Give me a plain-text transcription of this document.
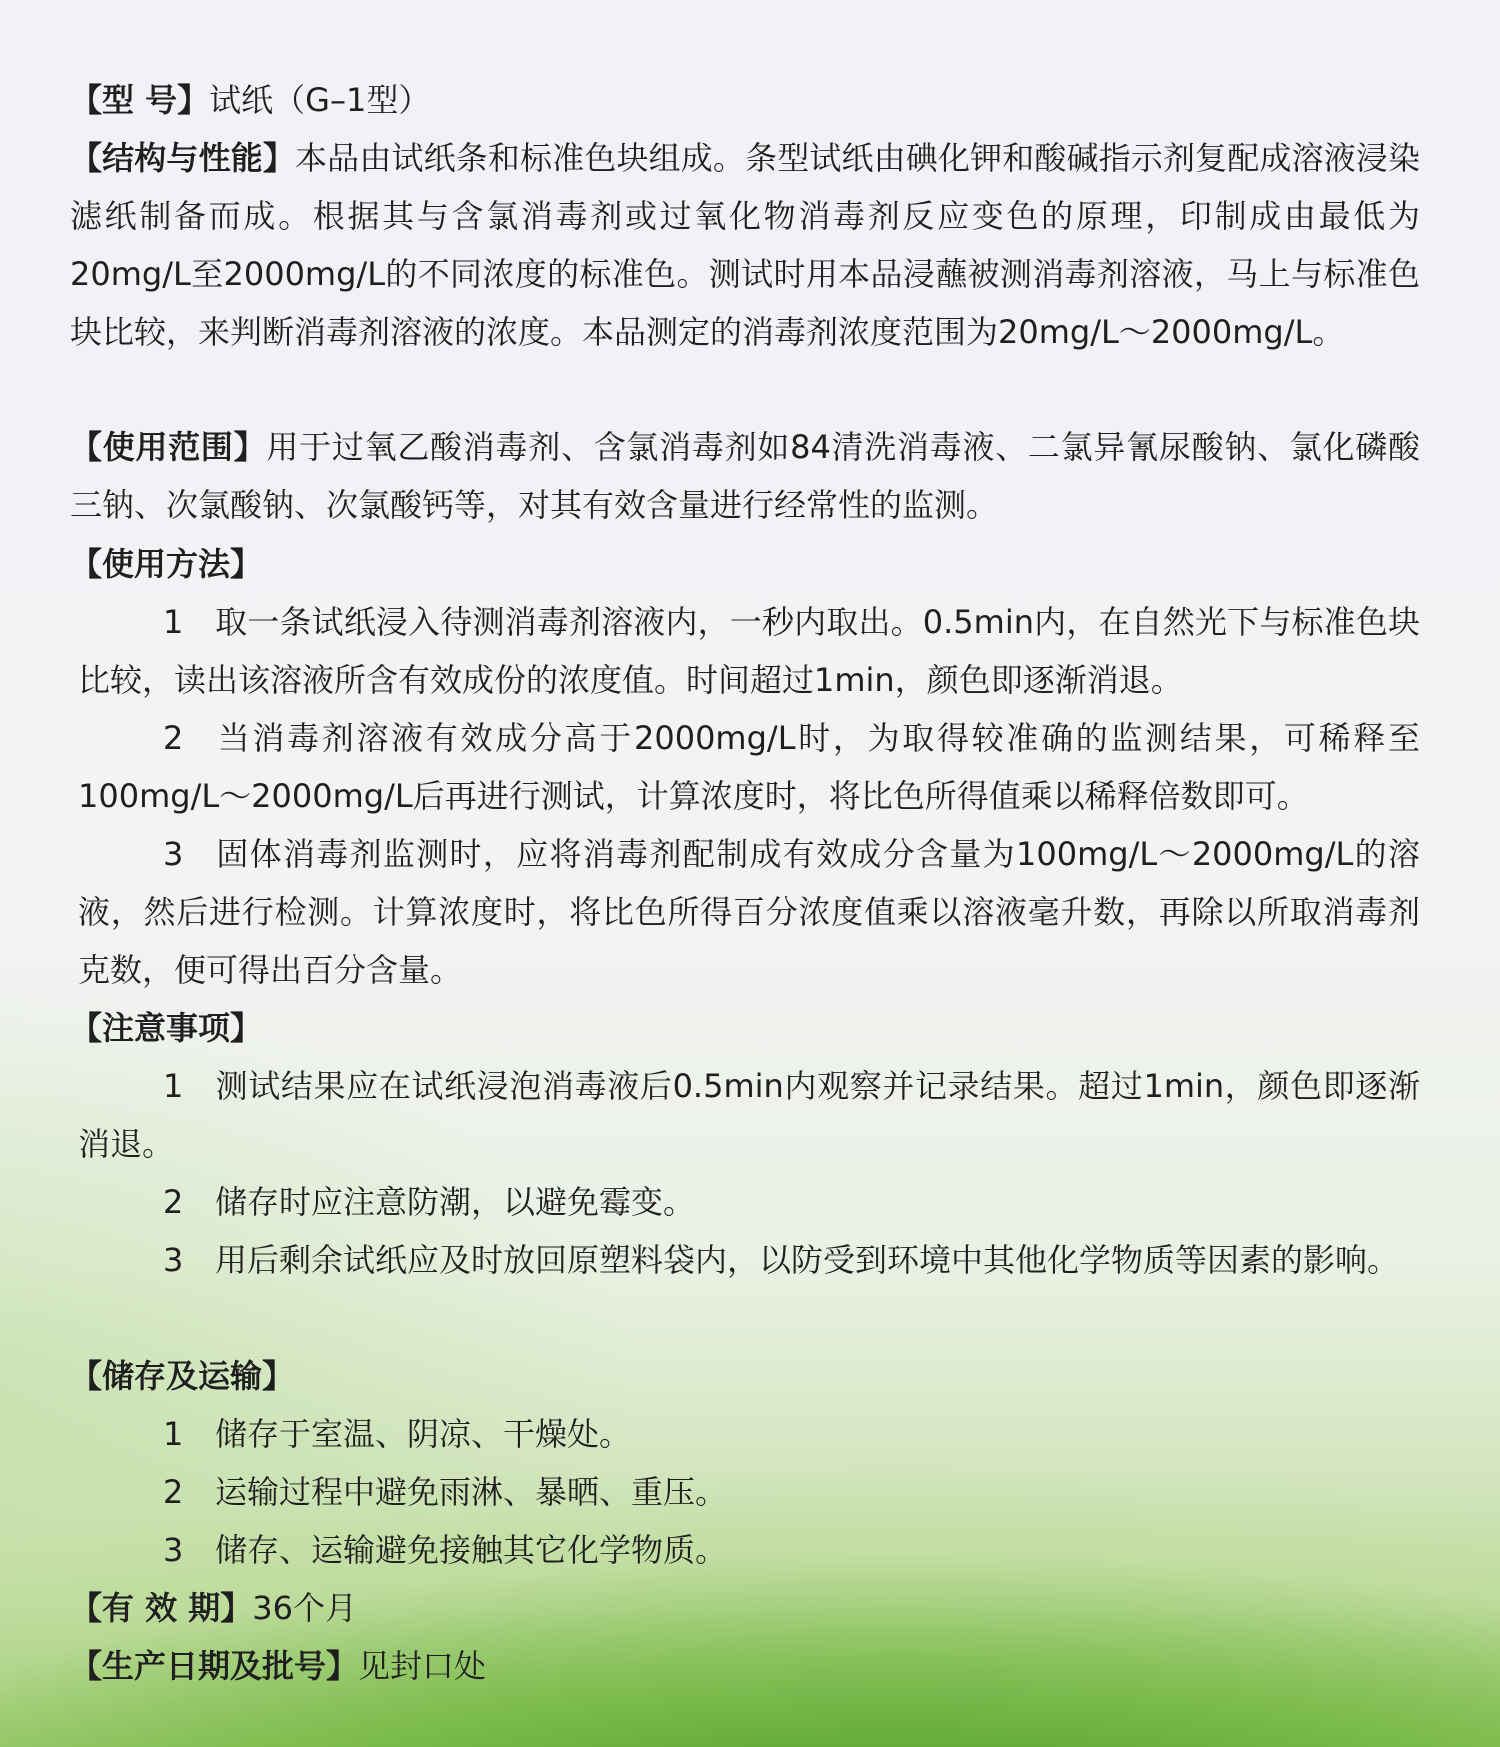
【型 号】试纸（G–1型）

【结构与性能】本品由试纸条和标准色块组成。条型试纸由碘化钾和酸碱指示剂复配成溶液浸染滤纸制备而成。根据其与含氯消毒剂或过氧化物消毒剂反应变色的原理，印制成由最低为20mg/L至2000mg/L的不同浓度的标准色。测试时用本品浸蘸被测消毒剂溶液，马上与标准色块比较，来判断消毒剂溶液的浓度。本品测定的消毒剂浓度范围为20mg/L～2000mg/L。

【使用范围】用于过氧乙酸消毒剂、含氯消毒剂如84清洗消毒液、二氯异氰尿酸钠、氯化磷酸三钠、次氯酸钠、次氯酸钙等，对其有效含量进行经常性的监测。

【使用方法】

1 取一条试纸浸入待测消毒剂溶液内，一秒内取出。0.5min内，在自然光下与标准色块比较，读出该溶液所含有效成份的浓度值。时间超过1min，颜色即逐渐消退。

2 当消毒剂溶液有效成分高于2000mg/L时，为取得较准确的监测结果，可稀释至100mg/L～2000mg/L后再进行测试，计算浓度时，将比色所得值乘以稀释倍数即可。

3 固体消毒剂监测时，应将消毒剂配制成有效成分含量为100mg/L～2000mg/L的溶液，然后进行检测。计算浓度时，将比色所得百分浓度值乘以溶液毫升数，再除以所取消毒剂克数，便可得出百分含量。

【注意事项】

1 测试结果应在试纸浸泡消毒液后0.5min内观察并记录结果。超过1min，颜色即逐渐消退。

2 储存时应注意防潮，以避免霉变。

3 用后剩余试纸应及时放回原塑料袋内，以防受到环境中其他化学物质等因素的影响。

【储存及运输】

1 储存于室温、阴凉、干燥处。

2 运输过程中避免雨淋、暴晒、重压。

3 储存、运输避免接触其它化学物质。

【有 效 期】36个月

【生产日期及批号】见封口处
